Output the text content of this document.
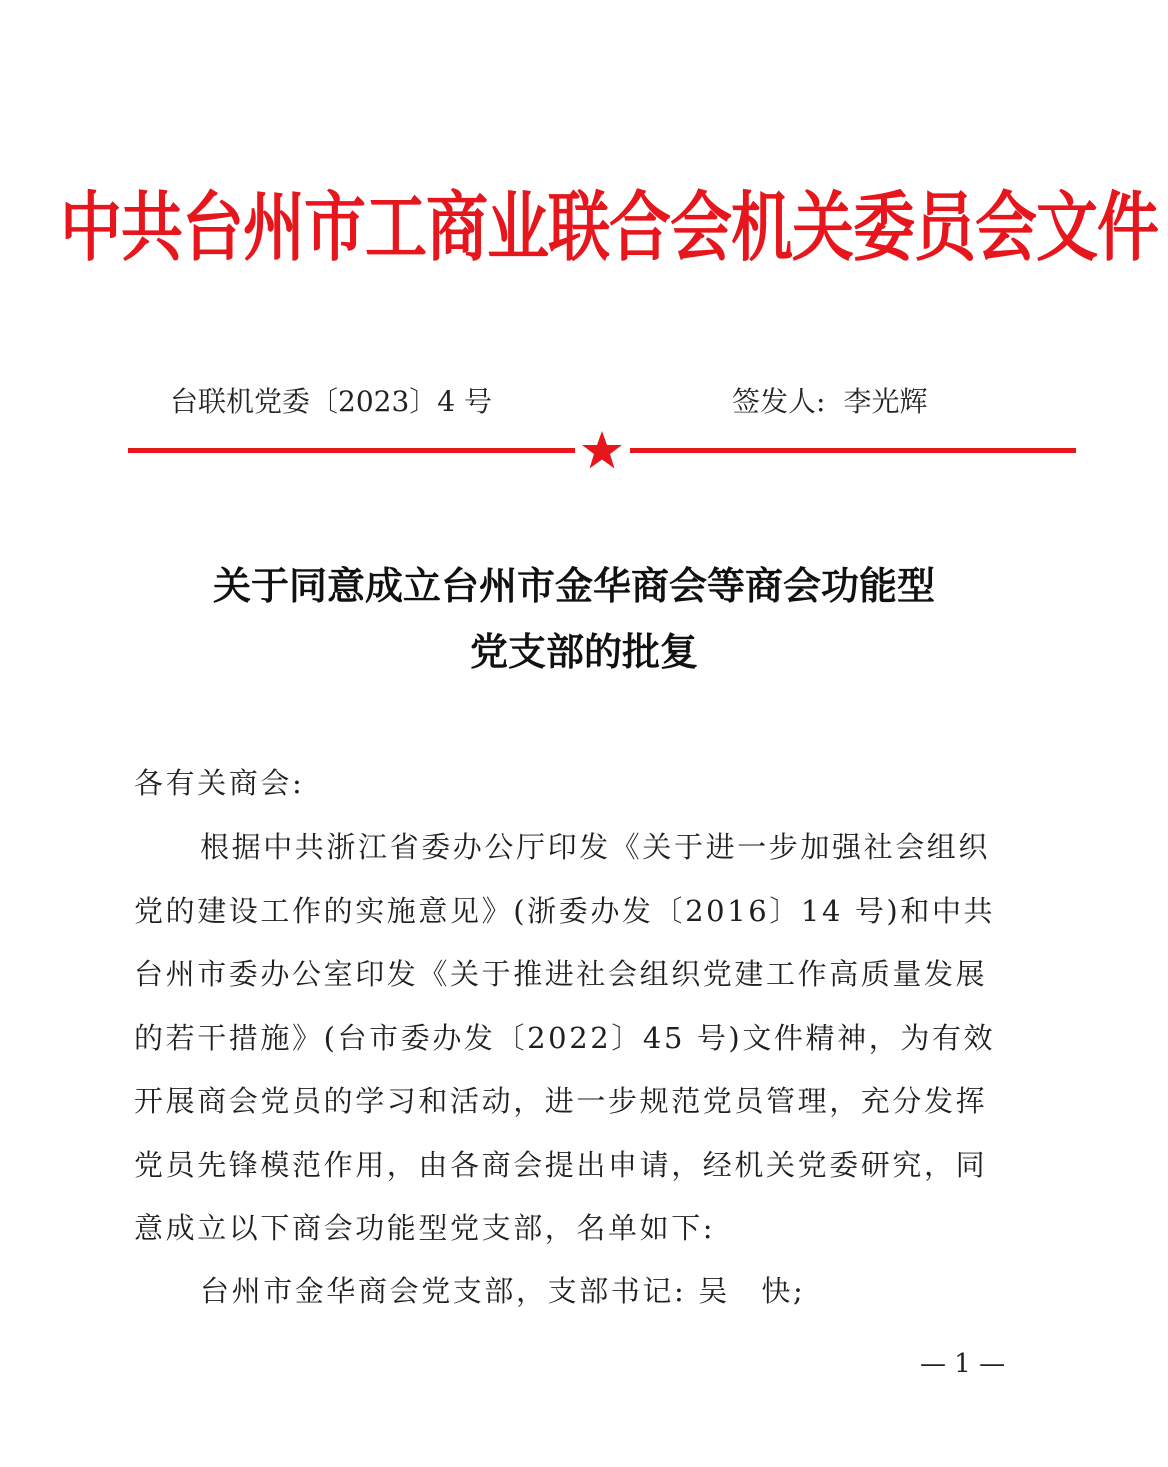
中共台州市工商业联合会机关委员会文件
台联机党委〔2023〕4 号	签发人: 李光辉
关于同意成立台州市金华商会等商会功能型
党支部的批复
各有关商会:
根据中共浙江省委办公厅印发《关于进一步加强社会组织
党的建设工作的实施意见》(浙委办发〔2016〕14 号)和中共
台州市委办公室印发《关于推进社会组织党建工作高质量发展
的若干措施》(台市委办发〔2022〕45 号)文件精神，为有效
开展商会党员的学习和活动，进一步规范党员管理，充分发挥
党员先锋模范作用，由各商会提出申请，经机关党委研究，同
意成立以下商会功能型党支部，名单如下:
台州市金华商会党支部，支部书记: 吴　快;
— 1 —
